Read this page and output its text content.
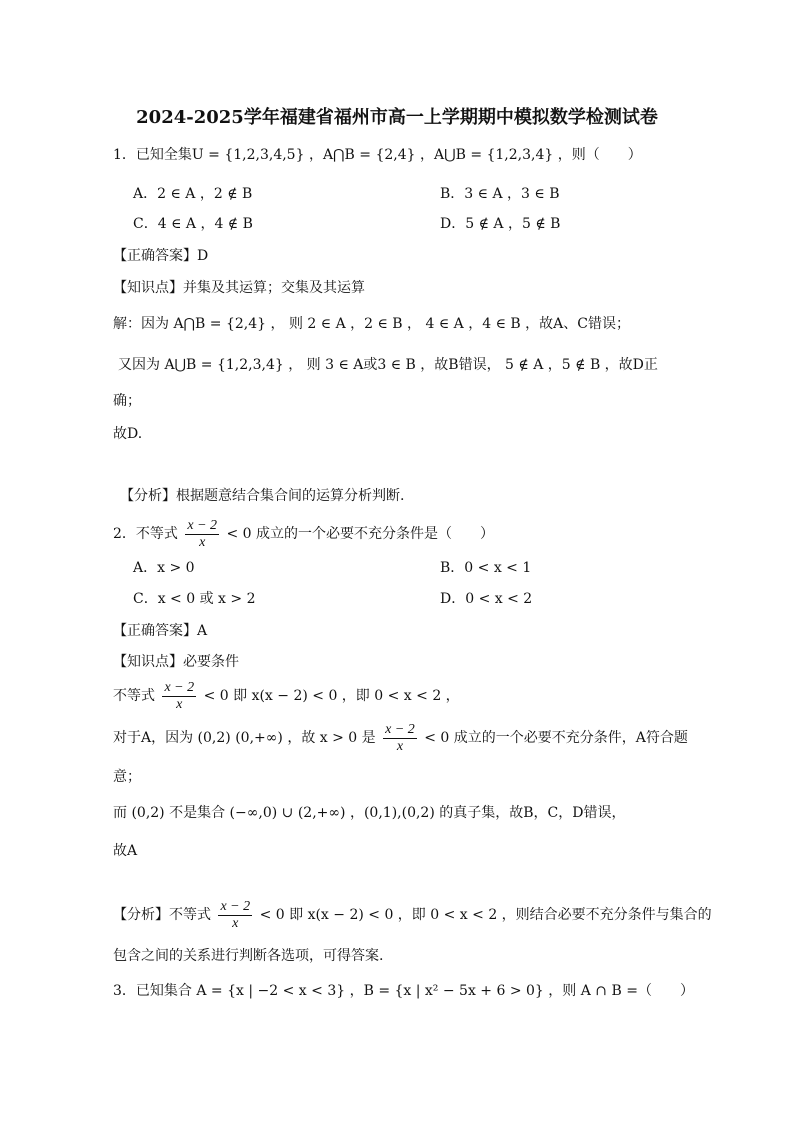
2024-2025学年福建省福州市高一上学期期中模拟数学检测试卷
1．已知全集U = {1,2,3,4,5} ，A⋂B = {2,4} ，A⋃B = {1,2,3,4} ，则（　　）
A．2 ∈ A ，2 ∉ B	B．3 ∈ A ，3 ∈ B
C．4 ∈ A ，4 ∉ B	D．5 ∉ A ，5 ∉ B
【正确答案】D
【知识点】并集及其运算；交集及其运算
解：因为 A⋂B = {2,4} ， 则 2 ∈ A ，2 ∈ B ， 4 ∈ A ，4 ∈ B ，故A、C错误；
又因为 A⋃B = {1,2,3,4} ， 则 3 ∈ A或3 ∈ B ，故B错误， 5 ∉ A ，5 ∉ B ，故D正
确；
故D.
【分析】根据题意结合集合间的运算分析判断.
2．不等式 $\frac{x - 2}{x} < 0$ 成立的一个必要不充分条件是（　　）
A．x > 0	B．0 < x < 1
C．x < 0 或 x > 2	D．0 < x < 2
【正确答案】A
【知识点】必要条件
不等式 $\frac{x - 2}{x} < 0$ 即 x(x − 2) < 0 ，即 0 < x < 2 ，
对于A，因为 (0,2) (0,+∞) ，故 x > 0 是 $\frac{x - 2}{x} < 0$ 成立的一个必要不充分条件，A符合题
意；
而 (0,2) 不是集合 (−∞,0) ∪ (2,+∞) ，(0,1),(0,2) 的真子集，故B，C，D错误，
故A
【分析】不等式 $\frac{x - 2}{x} < 0$ 即 x(x − 2) < 0 ，即 0 < x < 2 ，则结合必要不充分条件与集合的
包含之间的关系进行判断各选项，可得答案.
3．已知集合 A = {x | −2 < x < 3} ，B = {x | x² − 5x + 6 > 0} ，则 A ∩ B =（　　）
